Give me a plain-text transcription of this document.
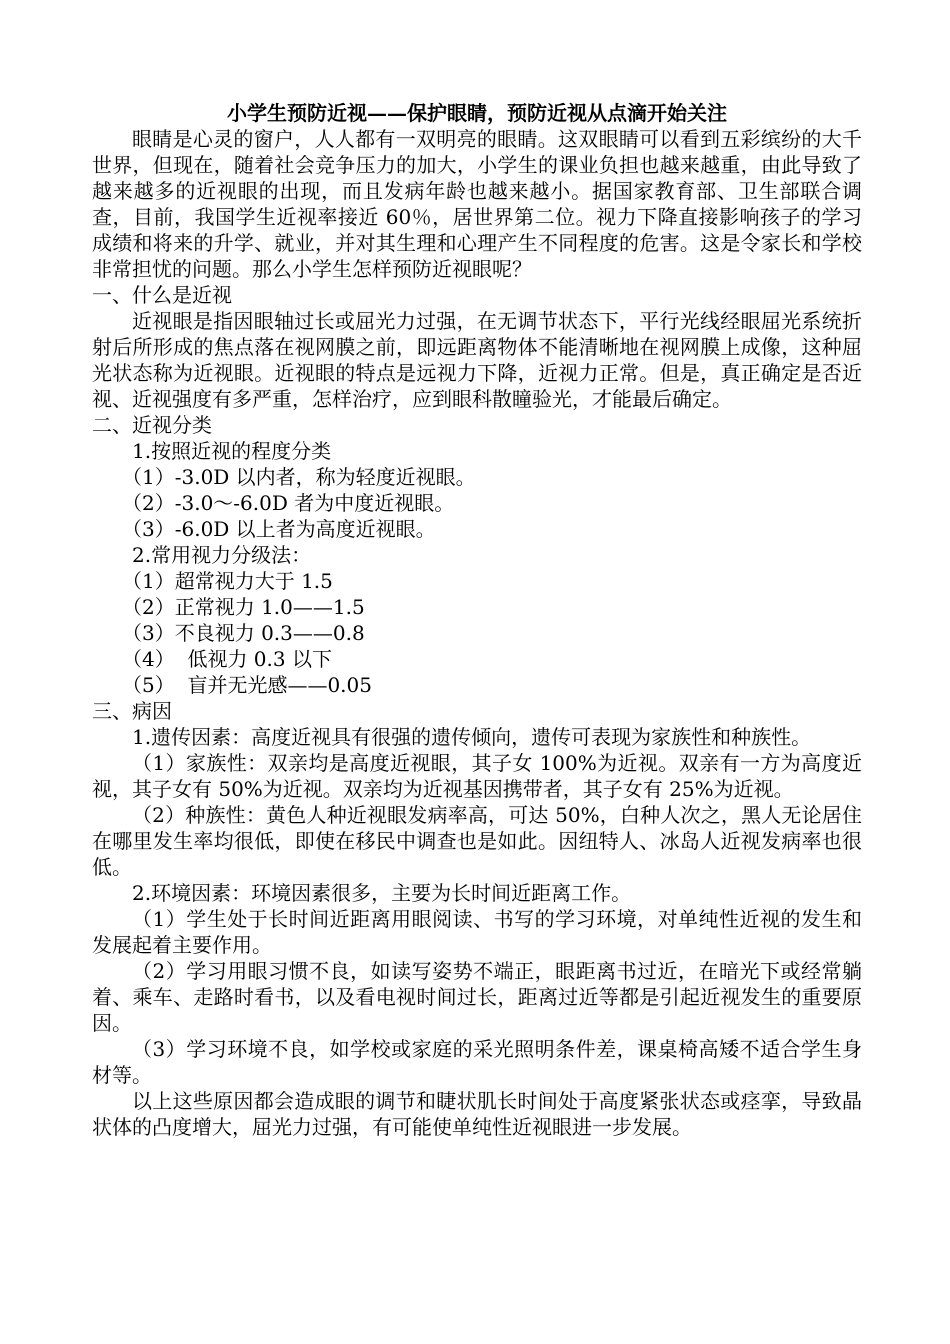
小学生预防近视——保护眼睛，预防近视从点滴开始关注

眼睛是心灵的窗户，人人都有一双明亮的眼睛。这双眼睛可以看到五彩缤纷的大千世界，但现在，随着社会竞争压力的加大，小学生的课业负担也越来越重，由此导致了越来越多的近视眼的出现，而且发病年龄也越来越小。据国家教育部、卫生部联合调查，目前，我国学生近视率接近 60％，居世界第二位。视力下降直接影响孩子的学习成绩和将来的升学、就业，并对其生理和心理产生不同程度的危害。这是令家长和学校非常担忧的问题。那么小学生怎样预防近视眼呢？

一、什么是近视

近视眼是指因眼轴过长或屈光力过强，在无调节状态下，平行光线经眼屈光系统折射后所形成的焦点落在视网膜之前，即远距离物体不能清晰地在视网膜上成像，这种屈光状态称为近视眼。近视眼的特点是远视力下降，近视力正常。但是，真正确定是否近视、近视强度有多严重，怎样治疗，应到眼科散瞳验光，才能最后确定。

二、近视分类

1.按照近视的程度分类

（1）-3.0D 以内者，称为轻度近视眼。

（2）-3.0～-6.0D 者为中度近视眼。

（3）-6.0D 以上者为高度近视眼。

2.常用视力分级法：

（1）超常视力大于 1.5

（2）正常视力 1.0——1.5

（3）不良视力 0.3——0.8

（4）  低视力 0.3 以下

（5）  盲并无光感——0.05

三、病因

1.遗传因素：高度近视具有很强的遗传倾向，遗传可表现为家族性和种族性。

（1）家族性：双亲均是高度近视眼，其子女 100%为近视。双亲有一方为高度近视，其子女有 50%为近视。双亲均为近视基因携带者，其子女有 25%为近视。

（2）种族性：黄色人种近视眼发病率高，可达 50%，白种人次之，黑人无论居住在哪里发生率均很低，即使在移民中调查也是如此。因纽特人、冰岛人近视发病率也很低。

2.环境因素：环境因素很多，主要为长时间近距离工作。

（1）学生处于长时间近距离用眼阅读、书写的学习环境，对单纯性近视的发生和发展起着主要作用。

（2）学习用眼习惯不良，如读写姿势不端正，眼距离书过近，在暗光下或经常躺着、乘车、走路时看书，以及看电视时间过长，距离过近等都是引起近视发生的重要原因。

（3）学习环境不良，如学校或家庭的采光照明条件差，课桌椅高矮不适合学生身材等。

以上这些原因都会造成眼的调节和睫状肌长时间处于高度紧张状态或痉挛，导致晶状体的凸度增大，屈光力过强，有可能使单纯性近视眼进一步发展。
